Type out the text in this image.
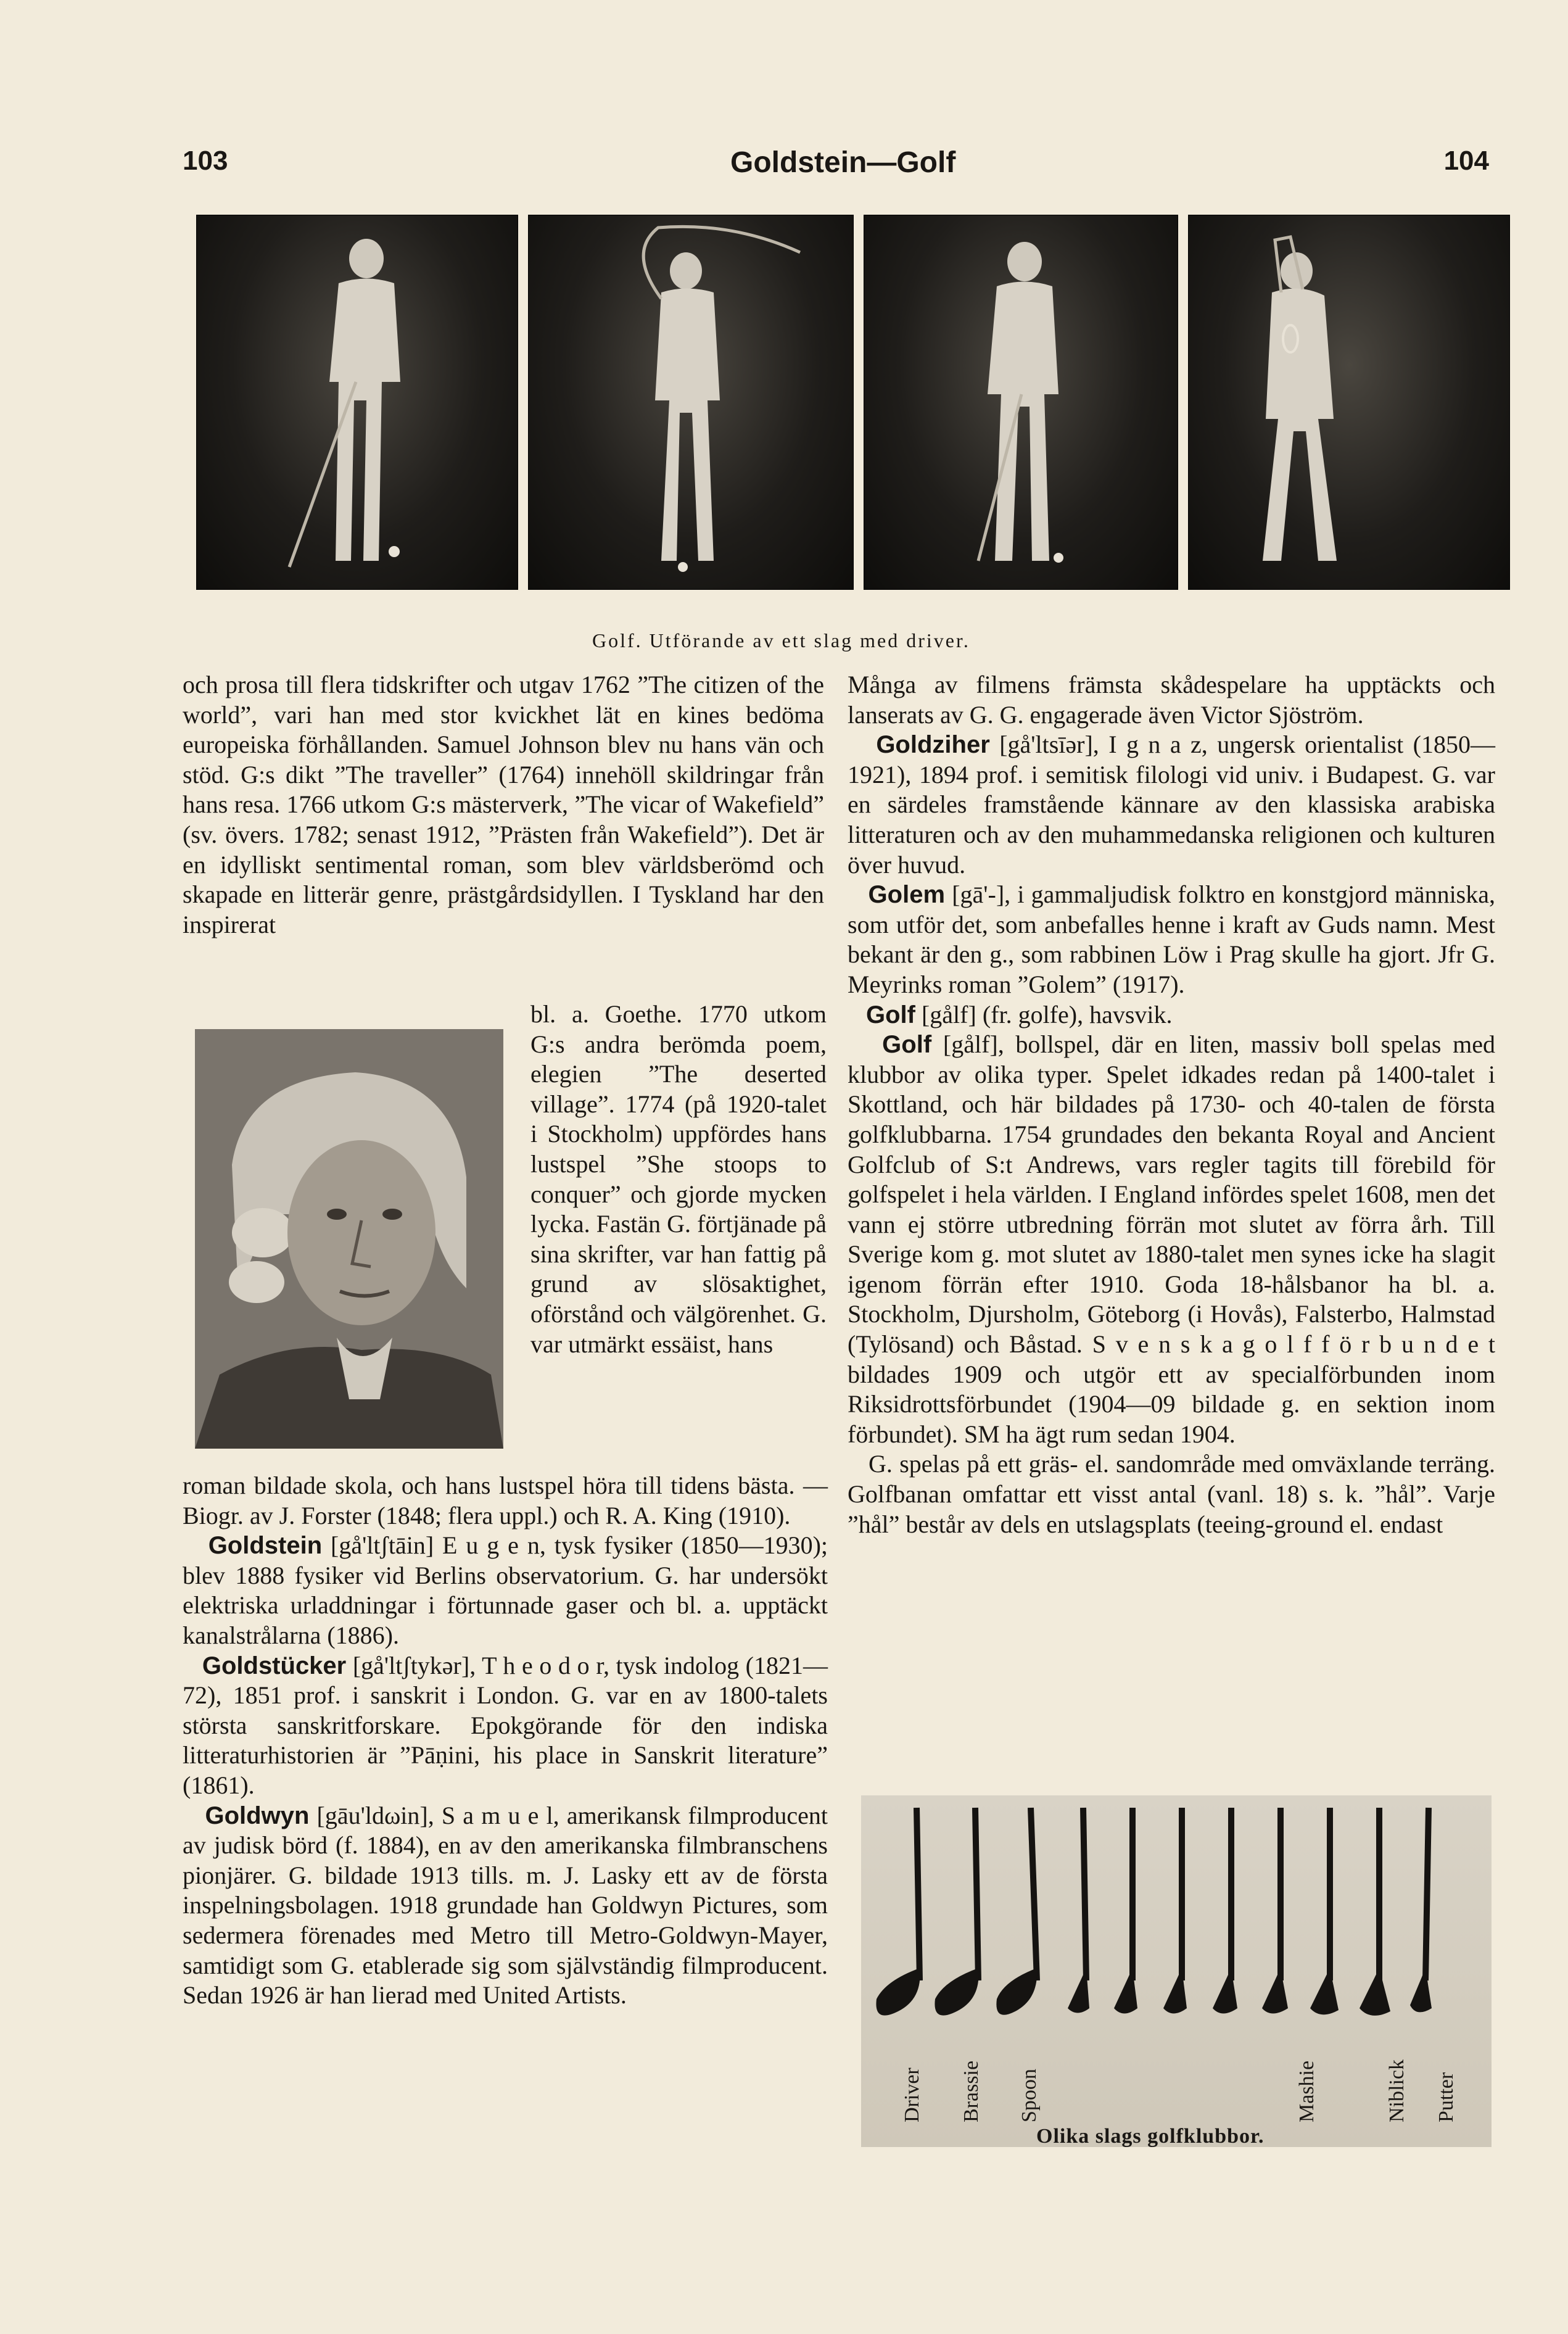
103	Goldstein—Golf	104
Golf. Utförande av ett slag med driver.

och prosa till flera tidskrifter och utgav 1762 ”The citizen of the world”, vari han med stor kvickhet lät en kines bedöma europeiska förhållanden. Samuel Johnson blev nu hans vän och stöd. G:s dikt ”The traveller” (1764) innehöll skildringar från hans resa. 1766 utkom G:s mästerverk, ”The vicar of Wakefield” (sv. övers. 1782; senast 1912, ”Prästen från Wakefield”). Det är en idylliskt sentimental roman, som blev världsberömd och skapade en litterär genre, prästgårdsidyllen. I Tyskland har den inspirerat

bl. a. Goethe. 1770 utkom G:s andra berömda poem, elegien ”The deserted village”. 1774 (på 1920-talet i Stockholm) uppfördes hans lustspel ”She stoops to conquer” och gjorde mycken lycka. Fastän G. förtjänade på sina skrifter, var han fattig på grund av slösaktighet, oförstånd och välgörenhet. G. var utmärkt essäist, hans

roman bildade skola, och hans lustspel höra till tidens bästa. — Biogr. av J. Forster (1848; flera uppl.) och R. A. King (1910).

Goldstein [gå'ltʃtāin] E u g e n, tysk fysiker (1850—1930); blev 1888 fysiker vid Berlins observatorium. G. har undersökt elektriska urladdningar i förtunnade gaser och bl. a. upptäckt kanalstrålarna (1886).

Goldstücker [gå'ltʃtykər], T h e o d o r, tysk indolog (1821—72), 1851 prof. i sanskrit i London. G. var en av 1800-talets största sanskritforskare. Epokgörande för den indiska litteraturhistorien är ”Pāṇini, his place in Sanskrit literature” (1861).

Goldwyn [gāu'ldωin], S a m u e l, amerikansk filmproducent av judisk börd (f. 1884), en av den amerikanska filmbranschens pionjärer. G. bildade 1913 tills. m. J. Lasky ett av de första inspelningsbolagen. 1918 grundade han Goldwyn Pictures, som sedermera förenades med Metro till Metro-Goldwyn-Mayer, samtidigt som G. etablerade sig som självständig filmproducent. Sedan 1926 är han lierad med United Artists.

Många av filmens främsta skådespelare ha upptäckts och lanserats av G. G. engagerade även Victor Sjöström.

Goldziher [gå'ltsīər], I g n a z, ungersk orientalist (1850—1921), 1894 prof. i semitisk filologi vid univ. i Budapest. G. var en särdeles framstående kännare av den klassiska arabiska litteraturen och av den muhammedanska religionen och kulturen över huvud.

Golem [gā'-], i gammaljudisk folktro en konstgjord människa, som utför det, som anbefalles henne i kraft av Guds namn. Mest bekant är den g., som rabbinen Löw i Prag skulle ha gjort. Jfr G. Meyrinks roman ”Golem” (1917).

Golf [gålf] (fr. golfe), havsvik.

Golf [gålf], bollspel, där en liten, massiv boll spelas med klubbor av olika typer. Spelet idkades redan på 1400-talet i Skottland, och här bildades på 1730- och 40-talen de första golfklubbarna. 1754 grundades den bekanta Royal and Ancient Golfclub of S:t Andrews, vars regler tagits till förebild för golfspelet i hela världen. I England infördes spelet 1608, men det vann ej större utbredning förrän mot slutet av förra årh. Till Sverige kom g. mot slutet av 1880-talet men synes icke ha slagit igenom förrän efter 1910. Goda 18-hålsbanor ha bl. a. Stockholm, Djursholm, Göteborg (i Hovås), Falsterbo, Halmstad (Tylösand) och Båstad. S v e n s k a g o l f f ö r b u n d e t bildades 1909 och utgör ett av specialförbunden inom Riksidrottsförbundet (1904—09 bildade g. en sektion inom förbundet). SM ha ägt rum sedan 1904.

G. spelas på ett gräs- el. sandområde med omväxlande terräng. Golfbanan omfattar ett visst antal (vanl. 18) s. k. ”hål”. Varje ”hål” består av dels en utslagsplats (teeing-ground el. endast

Driver Brassie Spoon	Mashie	Niblick Putter
Olika slags golfklubbor.
